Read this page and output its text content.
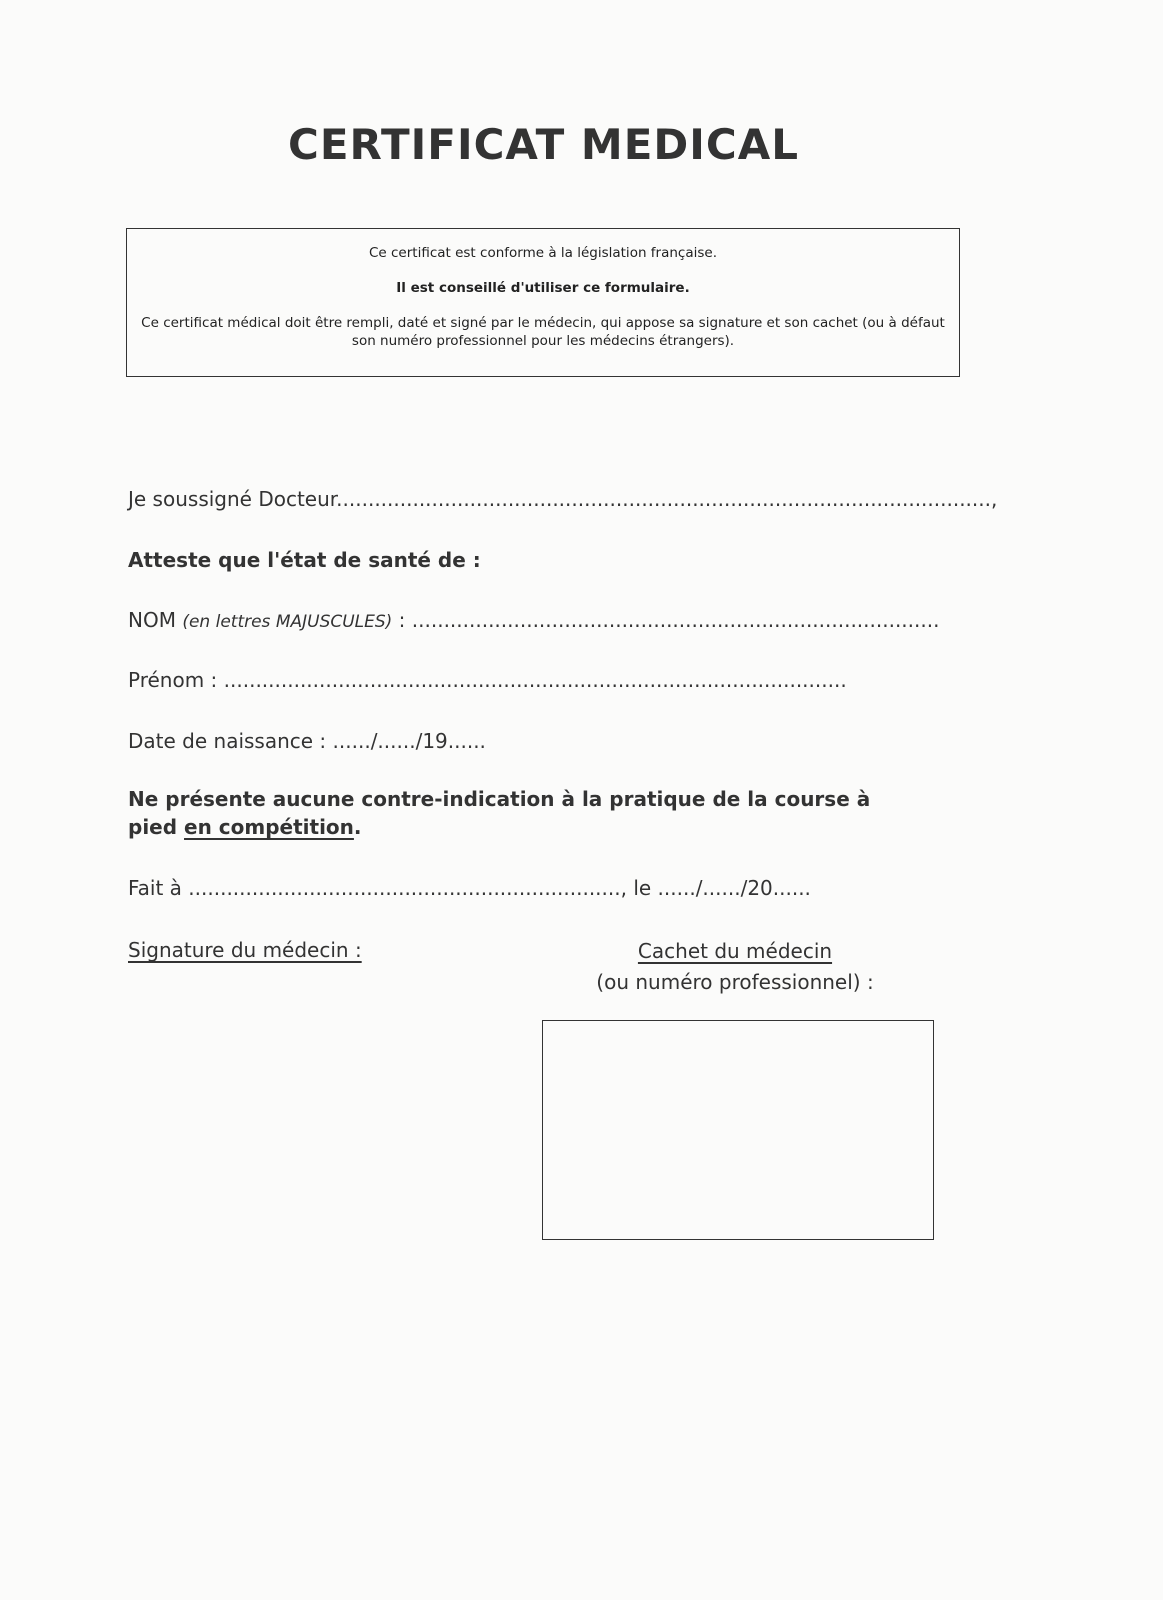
CERTIFICAT MEDICAL
Ce certificat est conforme à la législation française.
Il est conseillé d'utiliser ce formulaire.
Ce certificat médical doit être rempli, daté et signé par le médecin, qui appose sa signature et son cachet (ou à défaut son numéro professionnel pour les médecins étrangers).
Je soussigné Docteur.......................................................................................................,
Atteste que l'état de santé de :
NOM (en lettres MAJUSCULES) : ...................................................................................
Prénom : ..................................................................................................
Date de naissance : ....../....../19......
Ne présente aucune contre-indication à la pratique de la course à
pied en compétition.
Fait à ...................................................................., le ....../....../20......
Signature du médecin :	Cachet du médecin
(ou numéro professionnel) :
